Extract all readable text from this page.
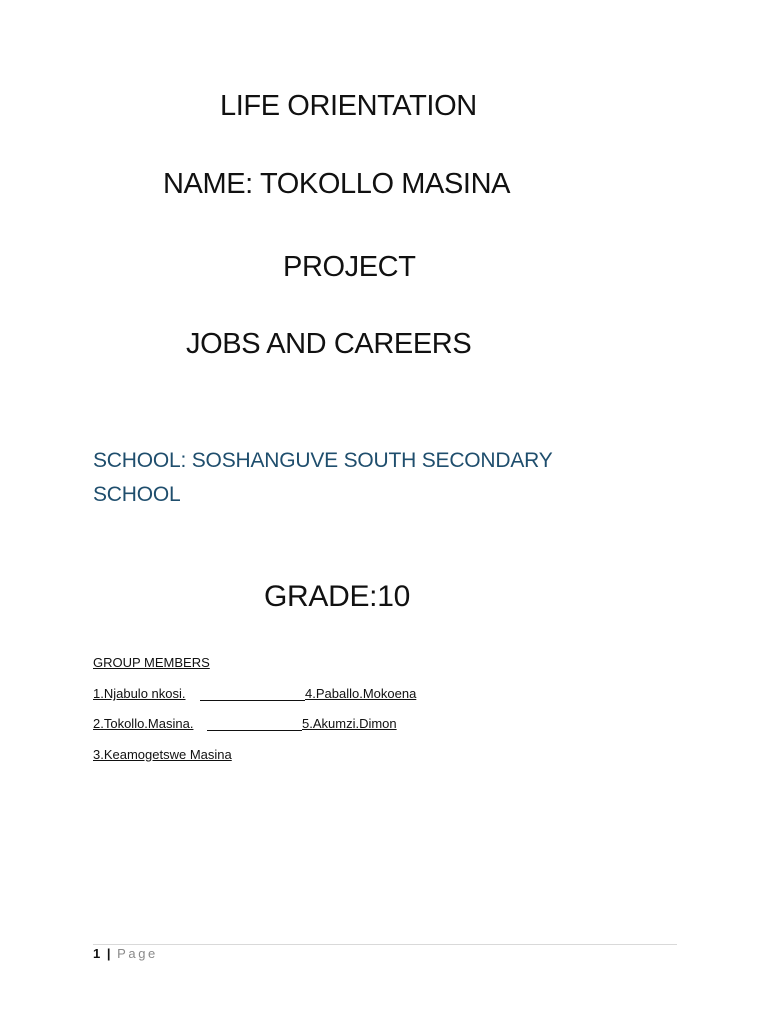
LIFE ORIENTATION
NAME: TOKOLLO MASINA
PROJECT
JOBS AND CAREERS
SCHOOL: SOSHANGUVE SOUTH SECONDARY
SCHOOL
GRADE:10
GROUP MEMBERS
1.Njabulo nkosi.	4.Paballo.Mokoena
2.Tokollo.Masina.	5.Akumzi.Dimon
3.Keamogetswe Masina
1 | Page
